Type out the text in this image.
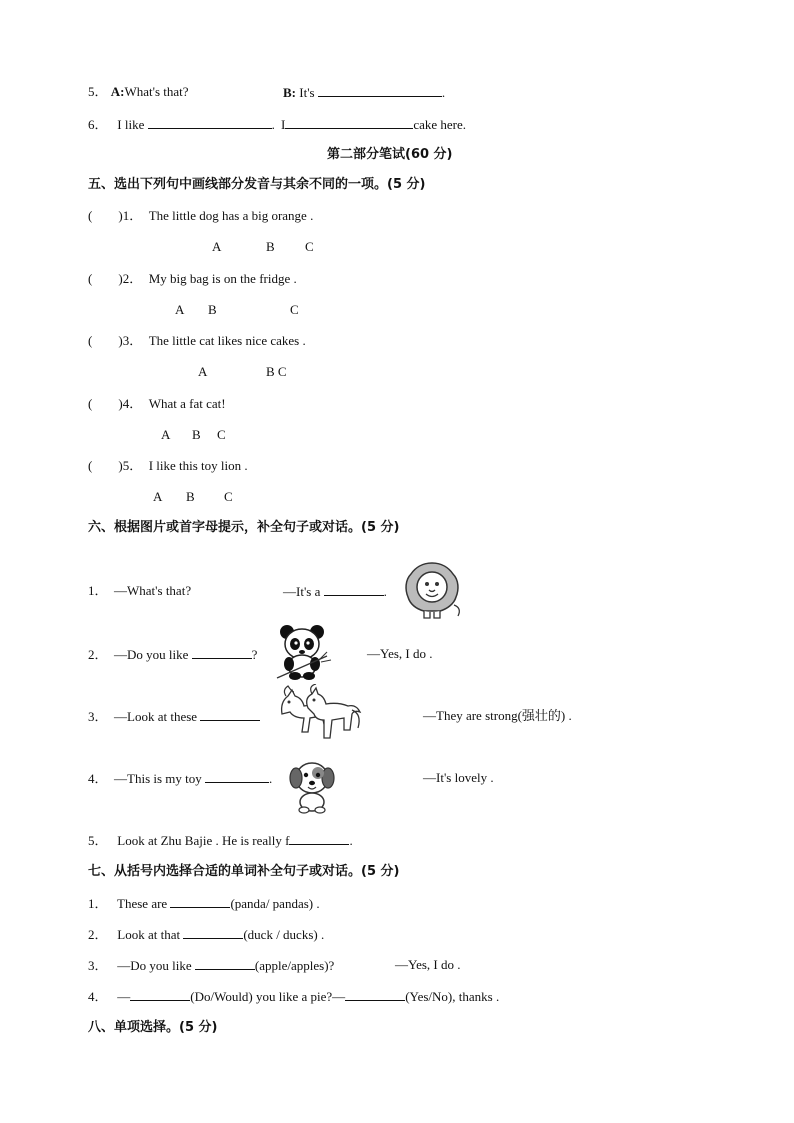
5． A:What's that?	B: It's	.
6． I like	. I	cake here.
第二部分笔试(60 分)
五、选出下列句中画线部分发音与其余不同的一项。(5 分)
( )1． The little dog has a big orange .
A	B C
( )2． My big bag is on the fridge .
A B	C
( )3． The little cat likes nice cakes .
A	B C
( )4． What a fat cat!
A B C
( )5． I like this toy lion .
A B C
六、根据图片或首字母提示，补全句子或对话。(5 分)
1． —What's that?	—It's a	.
2． —Do you like	?	—Yes, I do .
3． —Look at these	—They are strong(强壮的) .
4． —This is my toy	.	—It's lovely .
5． Look at Zhu Bajie . He is really f	.
七、从括号内选择合适的单词补全句子或对话。(5 分)
1． These are	(panda/ pandas) .
2． Look at that	(duck / ducks) .
3． —Do you like	(apple/apples)?	—Yes, I do .
4． —	(Do/Would) you like a pie?—	(Yes/No), thanks .
八、单项选择。(5 分)
